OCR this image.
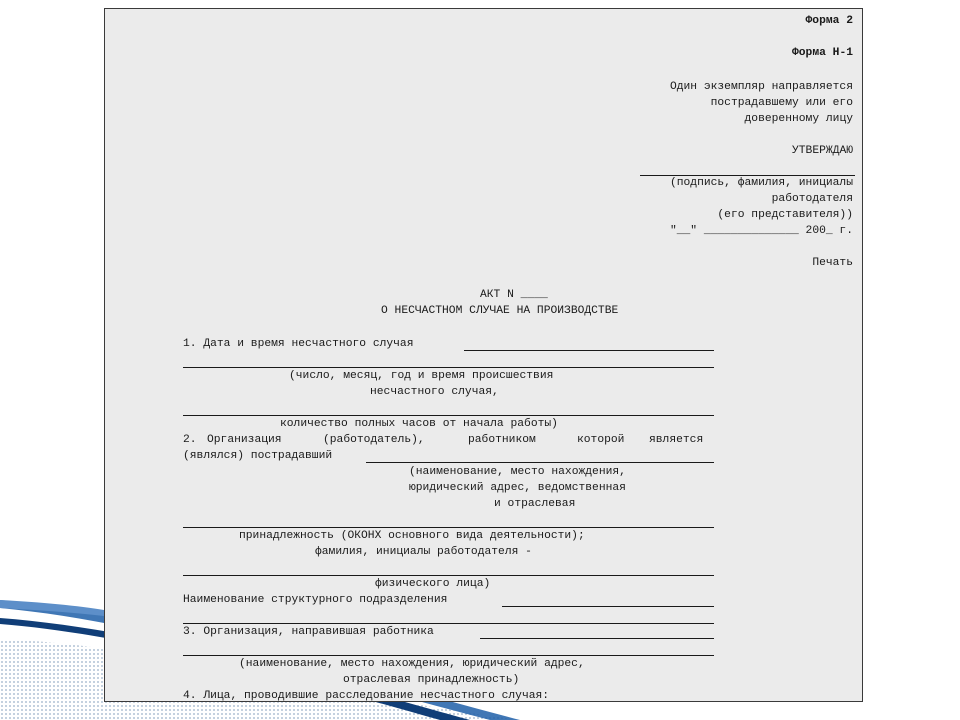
Форма 2

Форма Н-1

Один экземпляр направляется

пострадавшему или его

доверенному лицу

УТВЕРЖДАЮ

(подпись, фамилия, инициалы

работодателя

(его представителя))

"__" ______________ 200_ г.

Печать

АКТ N ____

О НЕСЧАСТНОМ СЛУЧАЕ НА ПРОИЗВОДСТВЕ

1. Дата и время несчастного случая

(число, месяц, год и время происшествия

несчастного случая,

количество полных часов от начала работы)

2. Организация	(работодатель),	работником	которой является

(являлся) пострадавший

(наименование, место нахождения,

юридический адрес, ведомственная

и отраслевая

принадлежность (ОКОНХ основного вида деятельности);

фамилия, инициалы работодателя -

физического лица)

Наименование структурного подразделения

3. Организация, направившая работника

(наименование, место нахождения, юридический адрес,

отраслевая принадлежность)

4. Лица, проводившие расследование несчастного случая:
